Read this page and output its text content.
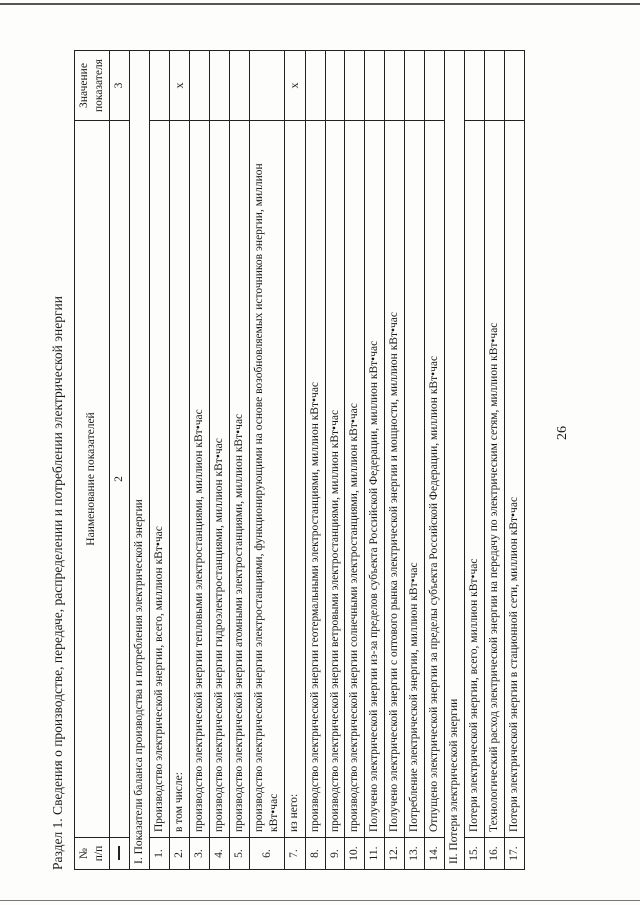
26
Раздел 1. Сведения о производстве, передаче, распределении и потреблении электрической энергии №
п/п	Наименование показателей	Значение показателя
	2	3
I. Показатели баланса производства и потребления электрической энергии		
1.	Производство электрической энергии, всего, миллион кВт•час	
2.	в том числе:	х
3.	производство электрической энергии тепловыми электростанциями, миллион кВт•час	
4.	производство электрической энергии гидроэлектростанциями, миллион кВт•час	
5.	производство электрической энергии атомными электростанциями, миллион кВт•час	
6.	производство электрической энергии электростанциями, функционирующими на основе возобновляемых источников энергии, миллион кВт•час	
7.	из него:	х
8.	производство электрической энергии геотермальными электростанциями, миллион кВт•час	
9.	производство электрической энергии ветровыми электростанциями, миллион кВт•час	
10.	производство электрической энергии солнечными электростанциями, миллион кВт•час	
11.	Получено электрической энергии из-за пределов субъекта Российской Федерации, миллион кВт•час	
12.	Получено электрической энергии с оптового рынка электрической энергии и мощности, миллион кВт•час	
13.	Потребление электрической энергии, миллион кВт•час	
14.	Отпущено электрической энергии за пределы субъекта Российской Федерации, миллион кВт•час	
II. Потери электрической энергии		
15.	Потери электрической энергии, всего, миллион кВт•час	
16.	Технологический расход электрической энергии на передачу по электрическим сетям, миллион кВт•час	
17.	Потери электрической энергии в стационной сети, миллион кВт•час	
